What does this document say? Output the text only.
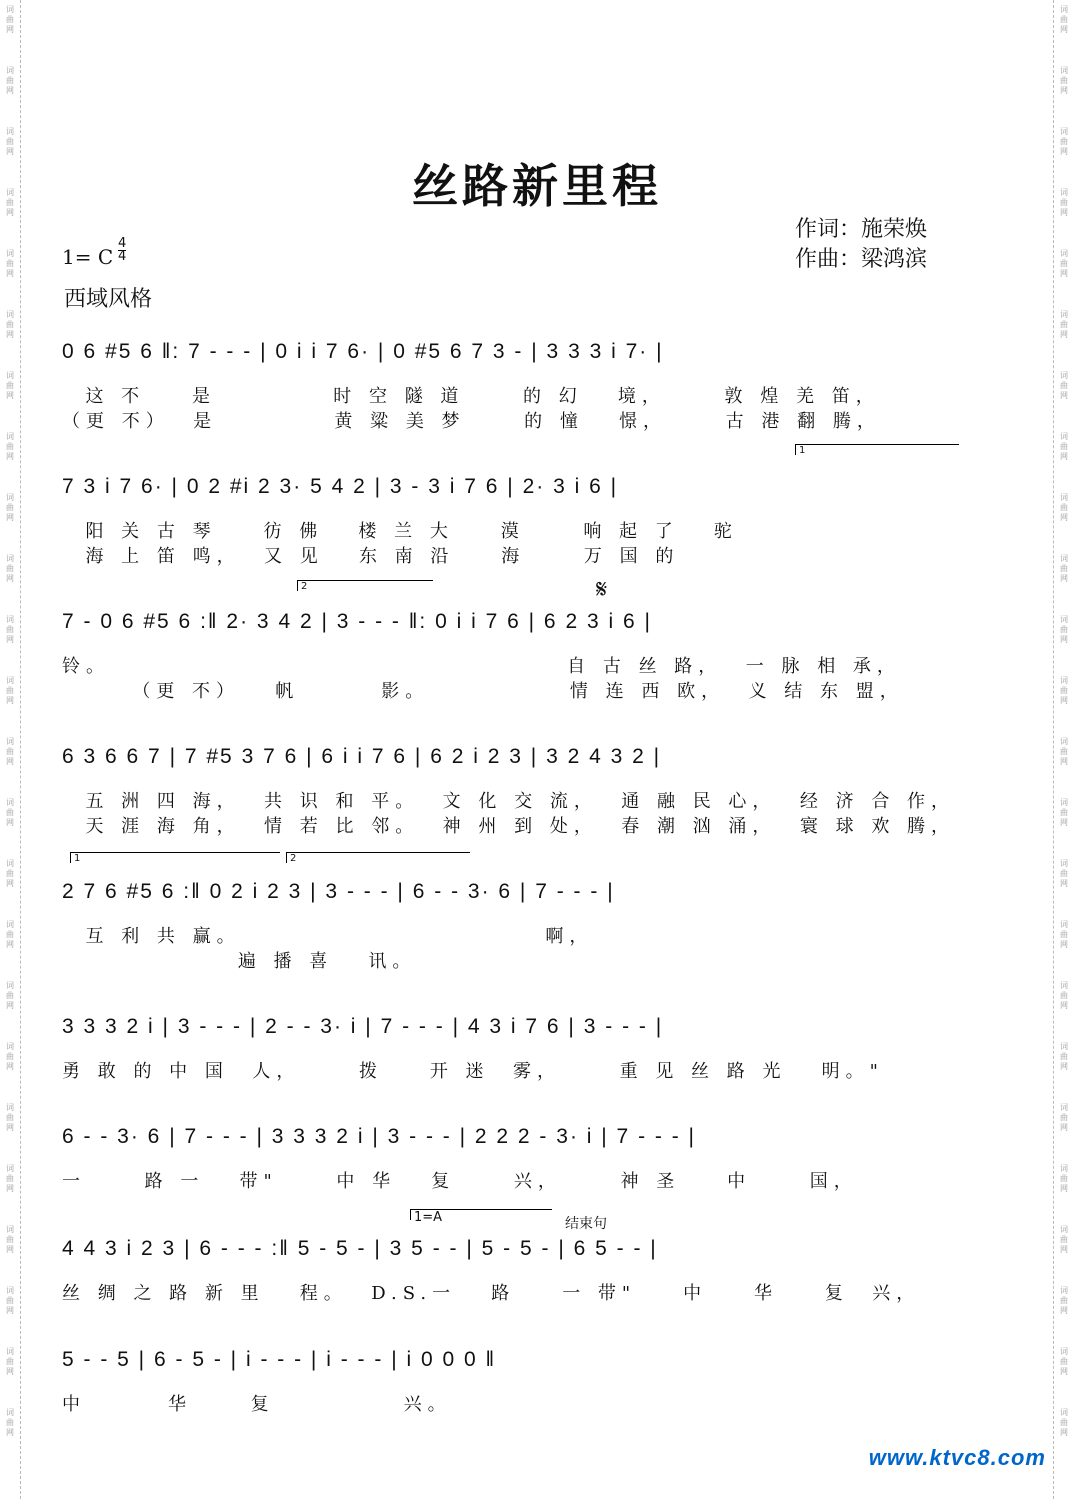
丝路新里程
作词：施荣焕
作曲：梁鸿滨
1= C $\frac{4}{4}$
西域风格
0 6 #5 6 ‖: 7 - - - | 0 i i 7 6· | 0 #5 6 7 3 - | 3 3 3 i 7· |
这 不    是          时 空 隧 道     的 幻   境，     敦 煌 羌 笛，
（更 不）  是          黄 粱 美 梦     的 憧   憬，     古 港 翻 腾，
7 3 i 7 6· | 0 2 #i 2 3· 5 4 2 | 3 - 3 i 7 6 | 2· 3 i 6 |
阳 关 古 琴    彷 佛   楼 兰 大    漠     响 起 了   驼
海 上 笛 鸣，  又 见   东 南 沿    海     万 国 的
7 - 0 6 #5 6 :‖ 2· 3 4 2 | 3 - - - ‖: 0 i i 7 6 | 6 2 3 i 6 |
铃。                                       自 古 丝 路，  一 脉 相 承，
（更 不）   帆       影。            情 连 西 欧，  义 结 东 盟，
6 3 6 6 7 | 7 #5 3 7 6 | 6 i i 7 6 | 6 2 i 2 3 | 3 2 4 3 2 |
五 洲 四 海，  共 识 和 平。  文 化 交 流，  通 融 民 心，  经 济 合 作，
天 涯 海 角，  情 若 比 邻。  神 州 到 处，  春 潮 汹 涌，  寰 球 欢 腾，
2 7 6 #5 6 :‖ 0 2 i 2 3 | 3 - - - | 6 - - 3· 6 | 7 - - - |
互 利 共 赢。                          啊，
遍 播 喜   讯。
3 3 3 2 i | 3 - - - | 2 - - 3· i | 7 - - - | 4 3 i 7 6 | 3 - - - |
勇 敢 的 中 国  人，     拨    开 迷  雾，     重 见 丝 路 光   明。"
6 - - 3· 6 | 7 - - - | 3 3 3 2 i | 3 - - - | 2 2 2 - 3· i | 7 - - - |
一     路 一   带"     中 华   复     兴，     神 圣    中     国，
4 4 3 i 2 3 | 6 - - - :‖ 5 - 5 - | 3 5 - - | 5 - 5 - | 6 5 - - |
丝 绸 之 路 新 里   程。  D.S.一   路    一 带"    中    华    复  兴，
5 - - 5 | 6 - 5 - | i - - - | i - - - | i 0 0 0 ‖
中       华     复           兴。
1
2	𝄋
1	2
1=A	结束句
www.ktvc8.com
词曲网
词曲网
词曲网
词曲网
词曲网
词曲网
词曲网
词曲网
词曲网
词曲网
词曲网
词曲网
词曲网
词曲网
词曲网
词曲网
词曲网
词曲网
词曲网
词曲网
词曲网
词曲网
词曲网
词曲网
词曲网
词曲网
词曲网
词曲网
词曲网
词曲网
词曲网
词曲网
词曲网
词曲网
词曲网
词曲网
词曲网
词曲网
词曲网
词曲网
词曲网
词曲网
词曲网
词曲网
词曲网
词曲网
词曲网
词曲网
